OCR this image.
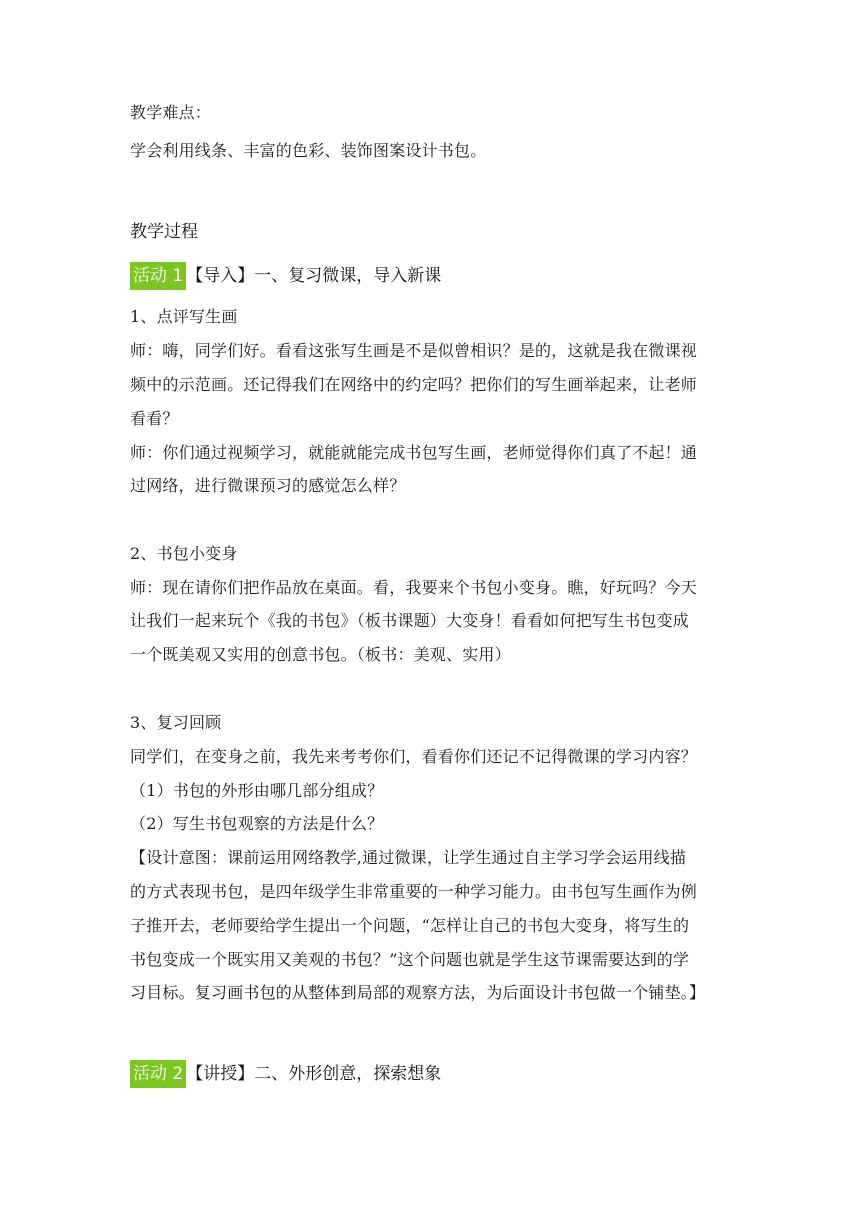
教学难点：
学会利用线条、丰富的色彩、装饰图案设计书包。
教学过程
活动 1 【导入】一、复习微课，导入新课
1、点评写生画
师：嗨，同学们好。看看这张写生画是不是似曾相识？是的，这就是我在微课视
频中的示范画。还记得我们在网络中的约定吗？把你们的写生画举起来，让老师
看看？
师：你们通过视频学习，就能就能完成书包写生画，老师觉得你们真了不起！通
过网络，进行微课预习的感觉怎么样？
2、书包小变身
师：现在请你们把作品放在桌面。看，我要来个书包小变身。瞧，好玩吗？今天
让我们一起来玩个《我的书包》（板书课题）大变身！看看如何把写生书包变成
一个既美观又实用的创意书包。（板书：美观、实用）
3、复习回顾
同学们，在变身之前，我先来考考你们，看看你们还记不记得微课的学习内容？
（1）书包的外形由哪几部分组成？
（2）写生书包观察的方法是什么？
【设计意图：课前运用网络教学,通过微课，让学生通过自主学习学会运用线描
的方式表现书包，是四年级学生非常重要的一种学习能力。由书包写生画作为例
子推开去，老师要给学生提出一个问题，“怎样让自己的书包大变身，将写生的
书包变成一个既实用又美观的书包？”这个问题也就是学生这节课需要达到的学
习目标。复习画书包的从整体到局部的观察方法，为后面设计书包做一个铺垫。】
活动 2 【讲授】二、外形创意，探索想象
